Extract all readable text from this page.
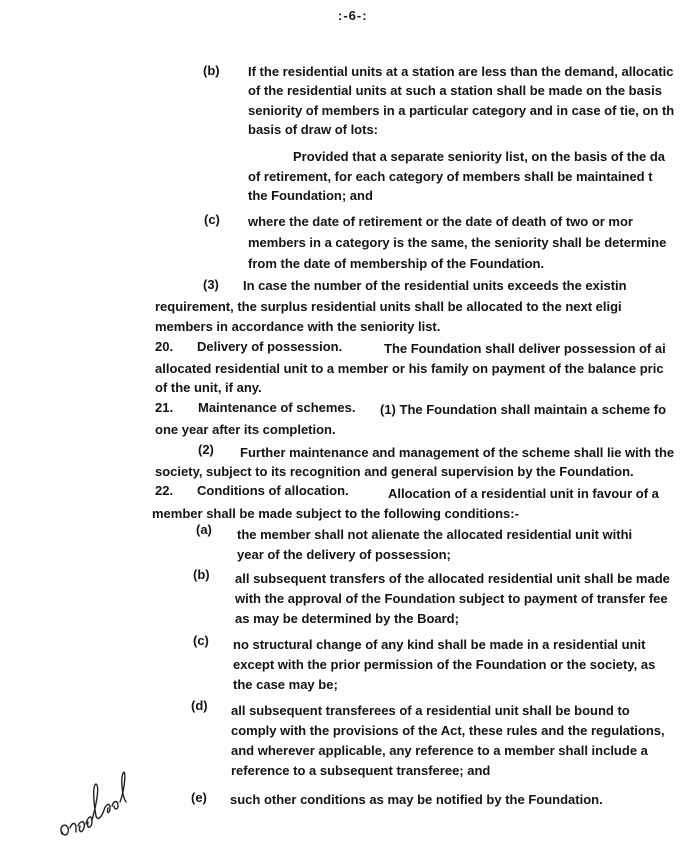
:-6-:
(b) If the residential units at a station are less than the demand, allocatic
of the residential units at such a station shall be made on the basis
seniority of members in a particular category and in case of tie, on th
basis of draw of lots:
Provided that a separate seniority list, on the basis of the da
of retirement, for each category of members shall be maintained t
the Foundation; and
(c) where the date of retirement or the date of death of two or mor
members in a category is the same, the seniority shall be determine
from the date of membership of the Foundation.
(3) In case the number of the residential units exceeds the existin
requirement, the surplus residential units shall be allocated to the next eligi
members in accordance with the seniority list.
20. Delivery of possession.	The Foundation shall deliver possession of ai
allocated residential unit to a member or his family on payment of the balance pric
of the unit, if any.
21. Maintenance of schemes. (1) The Foundation shall maintain a scheme fo
one year after its completion.
(2) Further maintenance and management of the scheme shall lie with the
society, subject to its recognition and general supervision by the Foundation.
22. Conditions of allocation.	Allocation of a residential unit in favour of a
member shall be made subject to the following conditions:-
(a) the member shall not alienate the allocated residential unit withi
year of the delivery of possession;
(b) all subsequent transfers of the allocated residential unit shall be made
with the approval of the Foundation subject to payment of transfer fee
as may be determined by the Board;
(c) no structural change of any kind shall be made in a residential unit
except with the prior permission of the Foundation or the society, as
the case may be;
(d) all subsequent transferees of a residential unit shall be bound to
comply with the provisions of the Act, these rules and the regulations,
and wherever applicable, any reference to a member shall include a
reference to a subsequent transferee; and
(e) such other conditions as may be notified by the Foundation.
